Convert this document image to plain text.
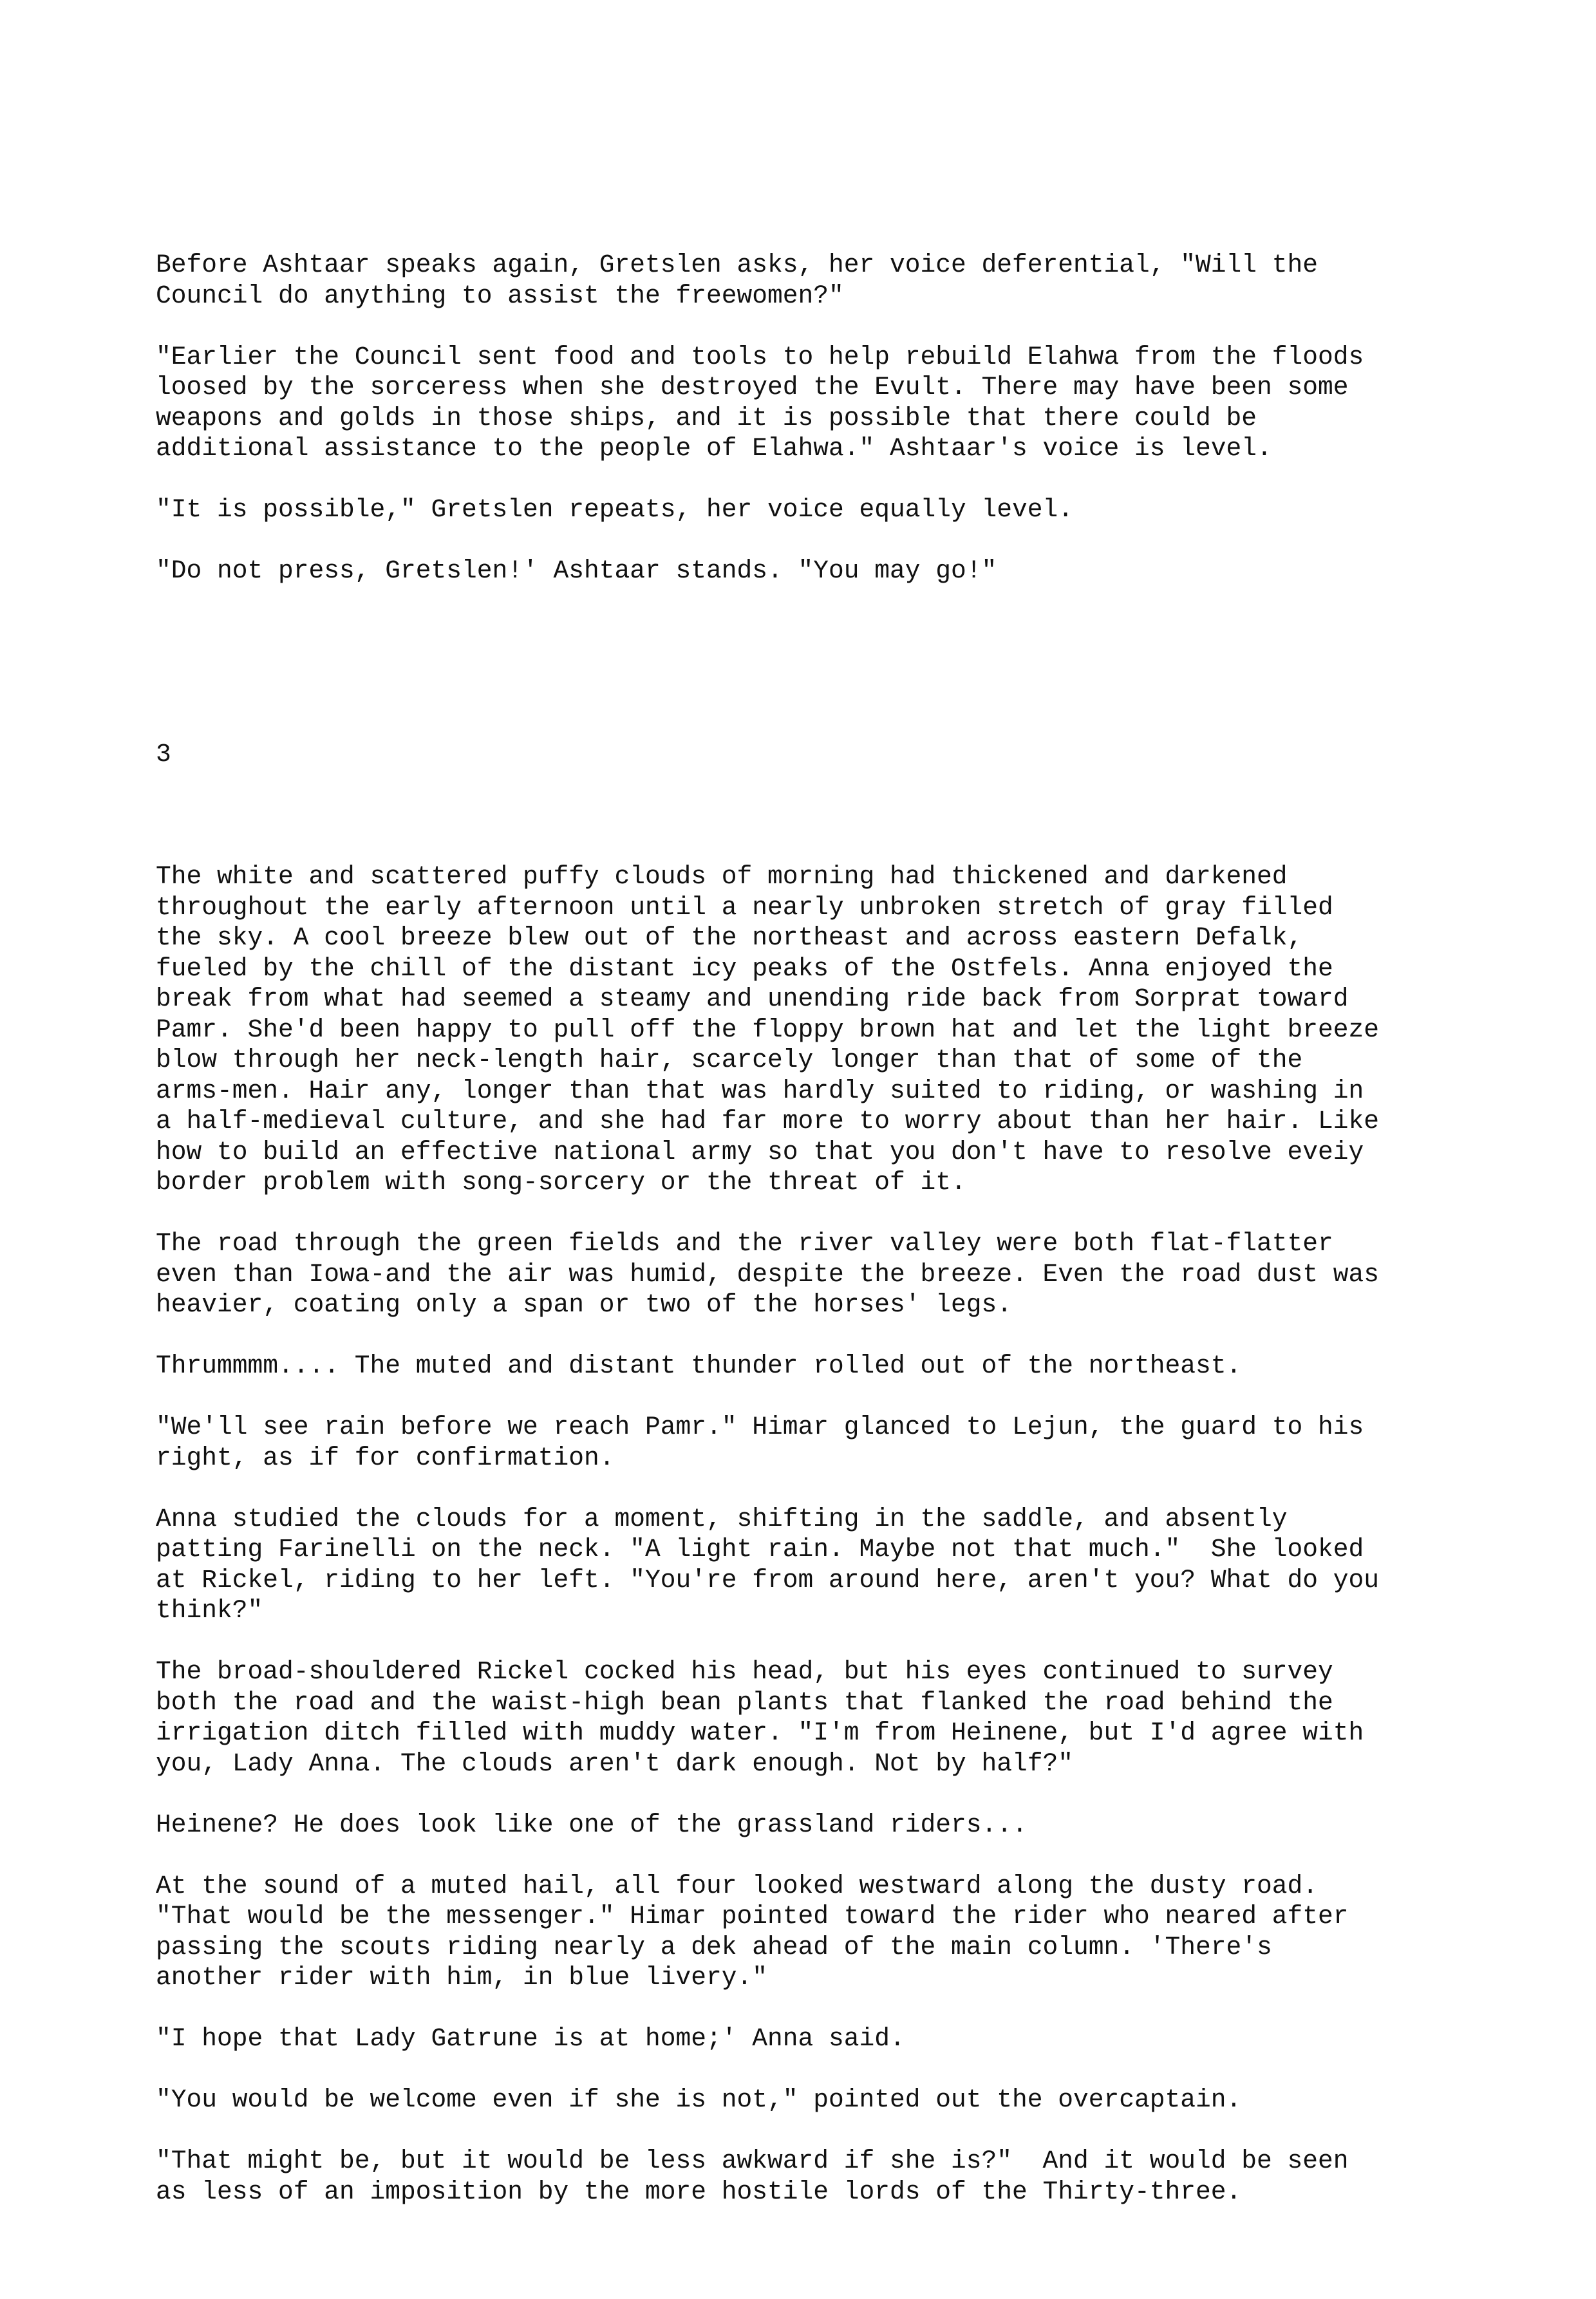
Before Ashtaar speaks again, Gretslen asks, her voice deferential, "Will the
Council do anything to assist the freewomen?"
"Earlier the Council sent food and tools to help rebuild Elahwa from the floods
loosed by the sorceress when she destroyed the Evult. There may have been some
weapons and golds in those ships, and it is possible that there could be
additional assistance to the people of Elahwa." Ashtaar's voice is level.
"It is possible," Gretslen repeats, her voice equally level.
"Do not press, Gretslen!' Ashtaar stands. "You may go!"

3

The white and scattered puffy clouds of morning had thickened and darkened
throughout the early afternoon until a nearly unbroken stretch of gray filled
the sky. A cool breeze blew out of the northeast and across eastern Defalk,
fueled by the chill of the distant icy peaks of the Ostfels. Anna enjoyed the
break from what had seemed a steamy and unending ride back from Sorprat toward
Pamr. She'd been happy to pull off the floppy brown hat and let the light breeze
blow through her neck-length hair, scarcely longer than that of some of the
arms-men. Hair any, longer than that was hardly suited to riding, or washing in
a half-medieval culture, and she had far more to worry about than her hair. Like
how to build an effective national army so that you don't have to resolve eveiy
border problem with song-sorcery or the threat of it.
The road through the green fields and the river valley were both flat-flatter
even than Iowa-and the air was humid, despite the breeze. Even the road dust was
heavier, coating only a span or two of the horses' legs.
Thrummmm.... The muted and distant thunder rolled out of the northeast.
"We'll see rain before we reach Pamr." Himar glanced to Lejun, the guard to his
right, as if for confirmation.
Anna studied the clouds for a moment, shifting in the saddle, and absently
patting Farinelli on the neck. "A light rain. Maybe not that much."  She looked
at Rickel, riding to her left. "You're from around here, aren't you? What do you
think?"
The broad-shouldered Rickel cocked his head, but his eyes continued to survey
both the road and the waist-high bean plants that flanked the road behind the
irrigation ditch filled with muddy water. "I'm from Heinene, but I'd agree with
you, Lady Anna. The clouds aren't dark enough. Not by half?"
Heinene? He does look like one of the grassland riders...
At the sound of a muted hail, all four looked westward along the dusty road.
"That would be the messenger." Himar pointed toward the rider who neared after
passing the scouts riding nearly a dek ahead of the main column. 'There's
another rider with him, in blue livery."
"I hope that Lady Gatrune is at home;' Anna said.
"You would be welcome even if she is not," pointed out the overcaptain.
"That might be, but it would be less awkward if she is?"  And it would be seen
as less of an imposition by the more hostile lords of the Thirty-three.
